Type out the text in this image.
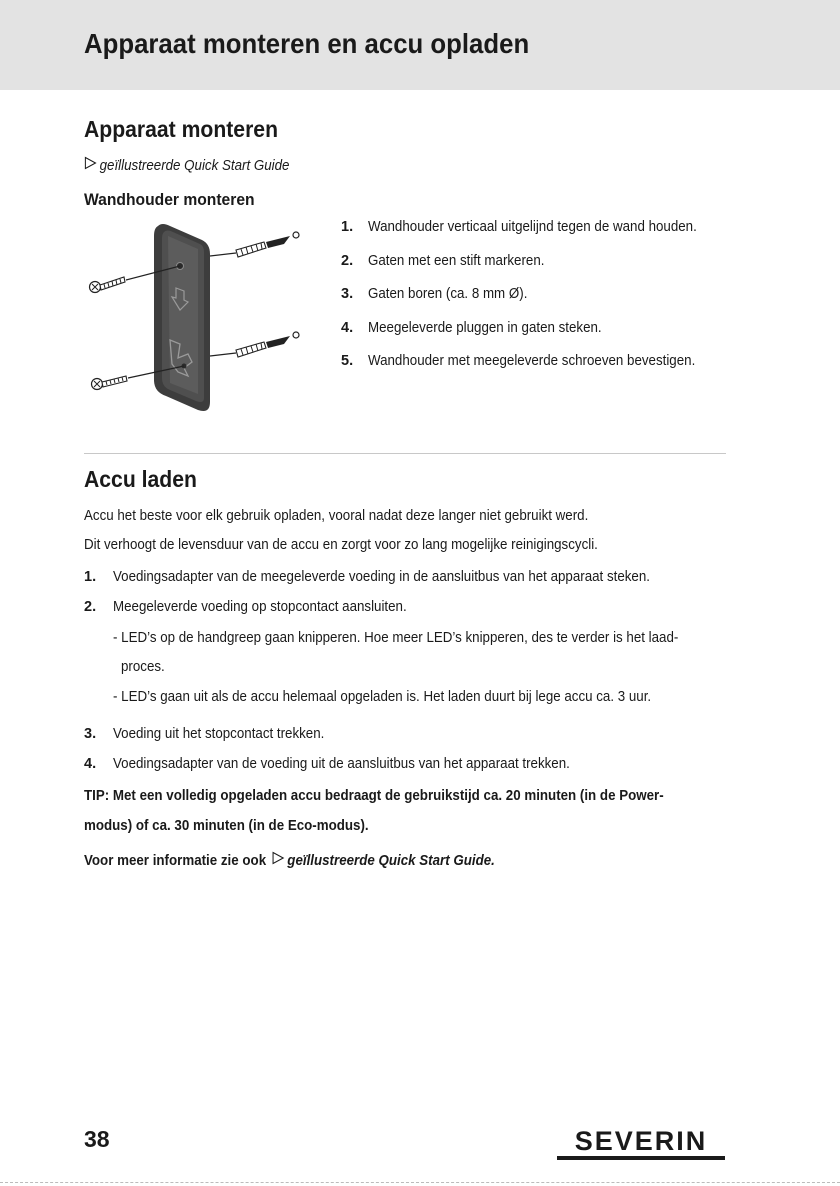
Apparaat monteren en accu opladen
Apparaat monteren
geïllustreerde Quick Start Guide
Wandhouder monteren
1.	Wandhouder verticaal uitgelijnd tegen de wand houden.
2.	Gaten met een stift markeren.
3.	Gaten boren (ca. 8 mm Ø).
4.	Meegeleverde pluggen in gaten steken.
5.	Wandhouder met meegeleverde schroeven bevestigen.
Accu laden
Accu het beste voor elk gebruik opladen, vooral nadat deze langer niet gebruikt werd.
Dit verhoogt de levensduur van de accu en zorgt voor zo lang mogelijke reinigingscycli.
1.	Voedingsadapter van de meegeleverde voeding in de aansluitbus van het apparaat steken.
2.	Meegeleverde voeding op stopcontact aansluiten.
- LED’s op de handgreep gaan knipperen. Hoe meer LED’s knipperen, des te verder is het laad-
proces.
- LED’s gaan uit als de accu helemaal opgeladen is. Het laden duurt bij lege accu ca. 3 uur.
3.	Voeding uit het stopcontact trekken.
4.	Voedingsadapter van de voeding uit de aansluitbus van het apparaat trekken.
TIP: Met een volledig opgeladen accu bedraagt de gebruikstijd ca. 20 minuten (in de Power-
modus) of ca. 30 minuten (in de Eco-modus).
Voor meer informatie zie ook geïllustreerde Quick Start Guide.
38	SEVERIN
